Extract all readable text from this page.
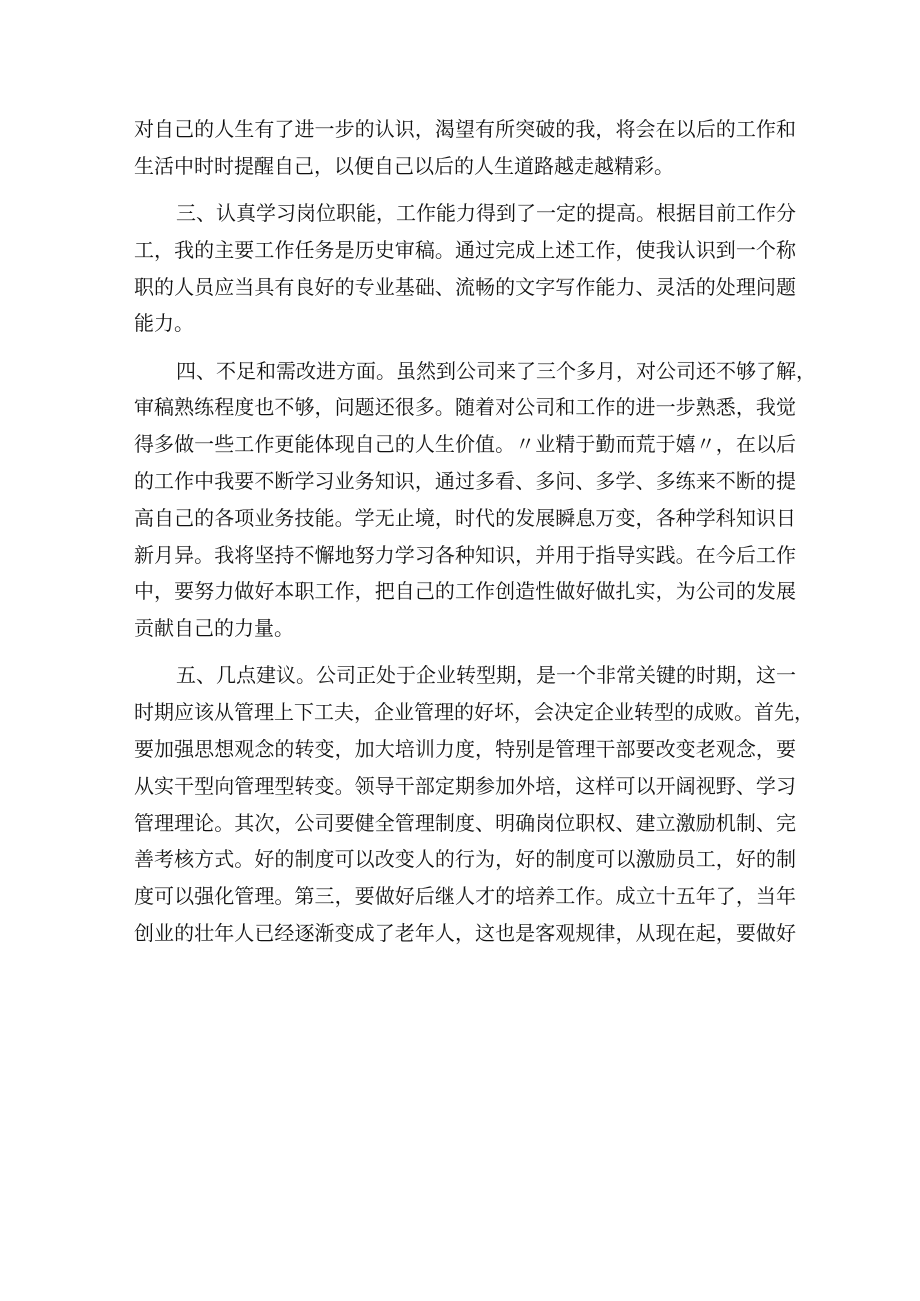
对自己的人生有了进一步的认识，渴望有所突破的我，将会在以后的工作和
生活中时时提醒自己，以便自己以后的人生道路越走越精彩。
三、认真学习岗位职能，工作能力得到了一定的提高。根据目前工作分
工，我的主要工作任务是历史审稿。通过完成上述工作，使我认识到一个称
职的人员应当具有良好的专业基础、流畅的文字写作能力、灵活的处理问题
能力。
四、不足和需改进方面。虽然到公司来了三个多月，对公司还不够了解，
审稿熟练程度也不够，问题还很多。随着对公司和工作的进一步熟悉，我觉
得多做一些工作更能体现自己的人生价值。〃业精于勤而荒于嬉〃，在以后
的工作中我要不断学习业务知识，通过多看、多问、多学、多练来不断的提
高自己的各项业务技能。学无止境，时代的发展瞬息万变，各种学科知识日
新月异。我将坚持不懈地努力学习各种知识，并用于指导实践。在今后工作
中，要努力做好本职工作，把自己的工作创造性做好做扎实，为公司的发展
贡献自己的力量。
五、几点建议。公司正处于企业转型期，是一个非常关键的时期，这一
时期应该从管理上下工夫，企业管理的好坏，会决定企业转型的成败。首先，
要加强思想观念的转变，加大培训力度，特别是管理干部要改变老观念，要
从实干型向管理型转变。领导干部定期参加外培，这样可以开阔视野、学习
管理理论。其次，公司要健全管理制度、明确岗位职权、建立激励机制、完
善考核方式。好的制度可以改变人的行为，好的制度可以激励员工，好的制
度可以强化管理。第三，要做好后继人才的培养工作。成立十五年了，当年
创业的壮年人已经逐渐变成了老年人，这也是客观规律，从现在起，要做好
